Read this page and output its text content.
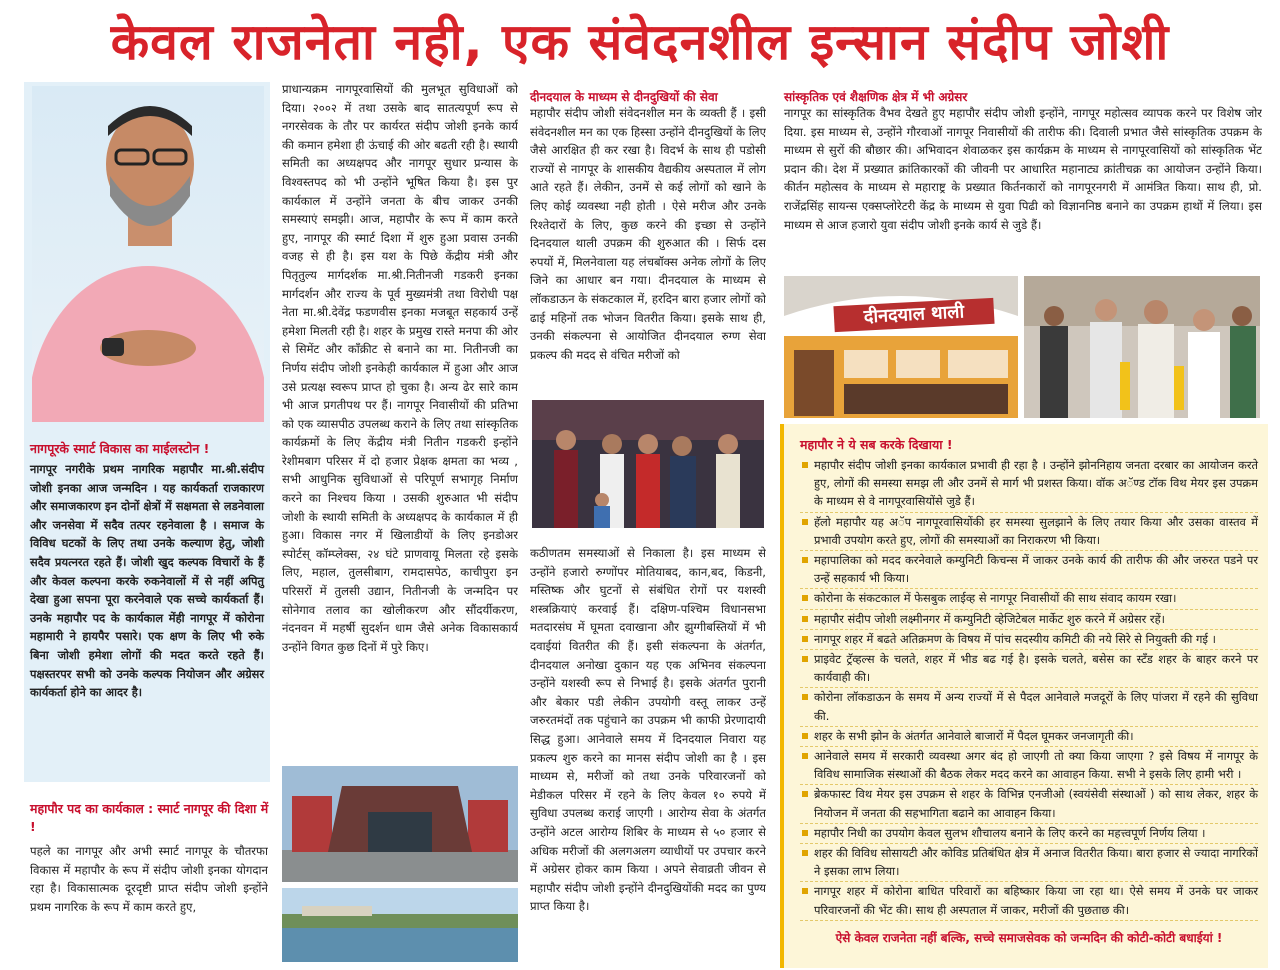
केवल राजनेता नही, एक संवेदनशील इन्सान संदीप जोशी
नागपूरके स्मार्ट विकास का माईलस्टोन !
नागपूर नगरीके प्रथम नागरिक महापौर मा.श्री.संदीप जोशी इनका आज जन्मदिन । यह कार्यकर्ता राजकारण और समाजकारण इन दोनों क्षेत्रों में सक्षमता से लडनेवाला और जनसेवा में सदैव तत्पर रहनेवाला है । समाज के विविध घटकों के लिए तथा उनके कल्याण हेतु, जोशी सदैव प्रयत्नरत रहते हैं। जोशी खुद कल्पक विचारों के हैं और केवल कल्पना करके रुकनेवालों में से नहीं अपितु देखा हुआ सपना पूरा करनेवाले एक सच्चे कार्यकर्ता हैं। उनके महापौर पद के कार्यकाल मेंही नागपूर में कोरोना महामारी ने हायपैर पसारे। एक क्षण के लिए भी रुके बिना जोशी हमेशा लोगों की मदत करते रहते हैं। पक्षस्तरपर सभी को उनके कल्पक नियोजन और अग्रेसर कार्यकर्ता होने का आदर है।
महापौर पद का कार्यकाल : स्मार्ट नागपूर की दिशा में !
पहले का नागपूर और अभी स्मार्ट नागपूर के चौतरफा विकास में महापौर के रूप में संदीप जोशी इनका योगदान रहा है। विकासात्मक दूरदृष्टी प्राप्त संदीप जोशी इन्होंने प्रथम नागरिक के रूप में काम करते हुए,
प्राधान्यक्रम नागपूरवासियों की मुलभूत सुविधाओं को दिया। २००२ में तथा उसके बाद सातत्यपूर्ण रूप से नगरसेवक के तौर पर कार्यरत संदीप जोशी इनके कार्य की कमान हमेशा ही ऊंचाई की ओर बढती रही है। स्थायी समिती का अध्यक्षपद और नागपूर सुधार प्रन्यास के विश्वस्तपद को भी उन्होंने भूषित किया है। इस पुर कार्यकाल में उन्होंने जनता के बीच जाकर उनकी समस्याएं समझी। आज, महापौर के रूप में काम करते हुए, नागपूर की स्मार्ट दिशा में शुरु हुआ प्रवास उनकी वजह से ही है। इस यश के पिछे केंद्रीय मंत्री और पितृतुल्य मार्गदर्शक मा.श्री.नितीनजी गडकरी इनका मार्गदर्शन और राज्य के पूर्व मुख्यमंत्री तथा विरोधी पक्ष नेता मा.श्री.देवेंद्र फडणवीस इनका मजबूत सहकार्य उन्हें हमेशा मिलती रही है। शहर के प्रमुख रास्ते मनपा की ओर से सिमेंट और कॉंक्रीट से बनाने का मा. नितीनजी का निर्णय संदीप जोशी इनकेही कार्यकाल में हुआ और आज उसे प्रत्यक्ष स्वरूप प्राप्त हो चुका है। अन्य ढेर सारे काम भी आज प्रगतीपथ पर हैं। नागपूर निवासीयों की प्रतिभा को एक व्यासपीठ उपलब्ध कराने के लिए तथा सांस्कृतिक कार्यक्रमों के लिए केंद्रीय मंत्री नितीन गडकरी इन्होंने रेशीमबाग परिसर में दो हजार प्रेक्षक क्षमता का भव्य , सभी आधुनिक सुविधाओं से परिपूर्ण सभागृह निर्माण करने का निश्चय किया । उसकी शुरुआत भी संदीप जोशी के स्थायी समिती के अध्यक्षपद के कार्यकाल में ही हुआ। विकास नगर में खिलाडीयों के लिए इनडोअर स्पोर्टस् कॉम्प्लेक्स, २४ घंटे प्राणवायू मिलता रहे इसके लिए, महाल, तुलसीबाग, रामदासपेठ, काचीपुरा इन परिसरों में तुलसी उद्यान, नितीनजी के जन्मदिन पर सोनेगाव तलाव का खोलीकरण और सौंदर्यीकरण, नंदनवन में महर्षी सुदर्शन धाम जैसे अनेक विकासकार्य उन्होंने विगत कुछ दिनों में पुरे किए।
दीनदयाल के माध्यम से दीनदुखियों की सेवा
महापौर संदीप जोशी संवेदनशील मन के व्यक्ती हैं । इसी संवेदनशील मन का एक हिस्सा उन्होंने दीनदुखियों के लिए जैसे आरक्षित ही कर रखा है। विदर्भ के साथ ही पडोसी राज्यों से नागपूर के शासकीय वैद्यकीय अस्पताल में लोग आते रहते हैं। लेकीन, उनमें से कई लोगों को खाने के लिए कोई व्यवस्था नही होती । ऐसे मरीज और उनके रिश्तेदारों के लिए, कुछ करने की इच्छा से उन्होंने दिनदयाल थाली उपक्रम की शुरुआत की । सिर्फ दस रुपयों में, मिलनेवाला यह लंचबॉक्स अनेक लोगों के लिए जिने का आधार बन गया। दीनदयाल के माध्यम से लॉकडाऊन के संकटकाल में, हरदिन बारा हजार लोगों को ढाई महिनों तक भोजन वितरीत किया। इसके साथ ही, उनकी संकल्पना से आयोजित दीनदयाल रुग्ण सेवा प्रकल्प की मदद से वंचित मरीजों को
कठीणतम समस्याओं से निकाला है। इस माध्यम से उन्होंने हजारो रुग्णोंपर मोतियाबद, कान,बद, किडनी, मस्तिष्क और घुटनों से संबंधित रोगों पर यशस्वी शस्त्रक्रियाएं करवाई हैं। दक्षिण-पश्चिम विधानसभा मतदारसंघ में घूमता दवाखाना और झुग्गीबस्तियों में भी दवाईयां वितरीत की हैं। इसी संकल्पना के अंतर्गत, दीनदयाल अनोखा दुकान यह एक अभिनव संकल्पना उन्होंने यशस्वी रूप से निभाई है। इसके अंतर्गत पुरानी और बेकार पडी लेकीन उपयोगी वस्तू लाकर उन्हें जरुरतमंदों तक पहुंचाने का उपक्रम भी काफी प्रेरणादायी सिद्ध हुआ। आनेवाले समय में दिनदयाल निवारा यह प्रकल्प शुरु करने का मानस संदीप जोशी का है । इस माध्यम से, मरीजों को तथा उनके परिवारजनों को मेडीकल परिसर में रहने के लिए केवल १० रुपये में सुविधा उपलब्ध कराई जाएगी । आरोग्य सेवा के अंतर्गत उन्होंने अटल आरोग्य शिबिर के माध्यम से ५० हजार से अधिक मरीजों की अलगअलग व्याधीयों पर उपचार करने में अग्रेसर होकर काम किया । अपने सेवाव्रती जीवन से महापौर संदीप जोशी इन्होंने दीनदुखियोंकी मदद का पुण्य प्राप्त किया है।
सांस्कृतिक एवं शैक्षणिक क्षेत्र में भी अग्रेसर
नागपूर का सांस्कृतिक वैभव देखते हुए महापौर संदीप जोशी इन्होंने, नागपूर महोत्सव व्यापक करने पर विशेष जोर दिया. इस माध्यम से, उन्होंने गौरवाओं नागपूर निवासीयों की तारीफ की। दिवाली प्रभात जैसे सांस्कृतिक उपक्रम के माध्यम से सुरों की बौछार की। अभिवादन शेवाळकर इस कार्यक्रम के माध्यम से नागपूरवासियों को सांस्कृतिक भेंट प्रदान की। देश में प्रख्यात क्रांतिकारकों की जीवनी पर आधारित महानाट्य क्रांतीचक्र का आयोजन उन्होंने किया। कीर्तन महोत्सव के माध्यम से महाराष्ट्र के प्रख्यात किर्तनकारों को नागपूरनगरी में आमंत्रित किया। साथ ही, प्रो. राजेंद्रसिंह सायन्स एक्सप्लोरेटरी केंद्र के माध्यम से युवा पिढी को विज्ञाननिष्ठ बनाने का उपक्रम हाथों में लिया। इस माध्यम से आज हजारो युवा संदीप जोशी इनके कार्य से जुडे हैं।
दीनदयाल थाली
महापौर ने ये सब करके दिखाया !
महापौर संदीप जोशी इनका कार्यकाल प्रभावी ही रहा है । उन्होंने झोननिहाय जनता दरबार का आयोजन करते हुए, लोगों की समस्या समझ ली और उनमें से मार्ग भी प्रशस्त किया। वॉक अॅण्ड टॉक विथ मेयर इस उपक्रम के माध्यम से वे नागपूरवासियोंसे जुडे हैं।
हॅलो महापौर यह अॅप नागपूरवासियोंकी हर समस्या सुलझाने के लिए तयार किया और उसका वास्तव में प्रभावी उपयोग करते हुए, लोगों की समस्याओं का निराकरण भी किया।
महापालिका को मदद करनेवाले कम्युनिटी किचन्स में जाकर उनके कार्य की तारीफ की और जरुरत पडने पर उन्हें सहकार्य भी किया।
कोरोना के संकटकाल में फेसबुक लाईव्ह से नागपूर निवासीयों की साथ संवाद कायम रखा।
महापौर संदीप जोशी लक्ष्मीनगर में कम्युनिटी व्हेजिटेबल मार्केट शुरु करने में अग्रेसर रहें।
नागपूर शहर में बढते अतिक्रमण के विषय में पांच सदस्यीय कमिटी की नये सिरे से नियुक्ती की गई ।
प्राइवेट ट्रॅव्हल्स के चलते, शहर में भीड बढ गई है। इसके चलते, बसेस का स्टॅंड शहर के बाहर करने पर कार्यवाही की।
कोरोना लॉकडाऊन के समय में अन्य राज्यों में से पैदल आनेवाले मजदूरों के लिए पांजरा में रहने की सुविधा की.
शहर के सभी झोन के अंतर्गत आनेवाले बाजारों में पैदल घूमकर जनजागृती की।
आनेवाले समय में सरकारी व्यवस्था अगर बंद हो जाएगी तो क्या किया जाएगा ? इसे विषय में नागपूर के विविध सामाजिक संस्थाओं की बैठक लेकर मदद करने का आवाहन किया. सभी ने इसके लिए हामी भरी ।
ब्रेकफास्ट विथ मेयर इस उपक्रम से शहर के विभिन्न एनजीओ (स्वयंसेवी संस्थाओं ) को साथ लेकर, शहर के नियोजन में जनता की सहभागिता बढाने का आवाहन किया।
महापौर निधी का उपयोग केवल सुलभ शौचालय बनाने के लिए करने का महत्त्वपूर्ण निर्णय लिया ।
शहर की विविध सोसायटी और कोविड प्रतिबंधित क्षेत्र में अनाज वितरीत किया। बारा हजार से ज्यादा नागरिकों ने इसका लाभ लिया।
नागपूर शहर में कोरोना बाधित परिवारों का बहिष्कार किया जा रहा था। ऐसे समय में उनके घर जाकर परिवारजनों की भेंट की। साथ ही अस्पताल में जाकर, मरीजों की पुछताछ की।
ऐसे केवल राजनेता नहीं बल्कि, सच्चे समाजसेवक को जन्मदिन की कोटी-कोटी बधाईयां !
